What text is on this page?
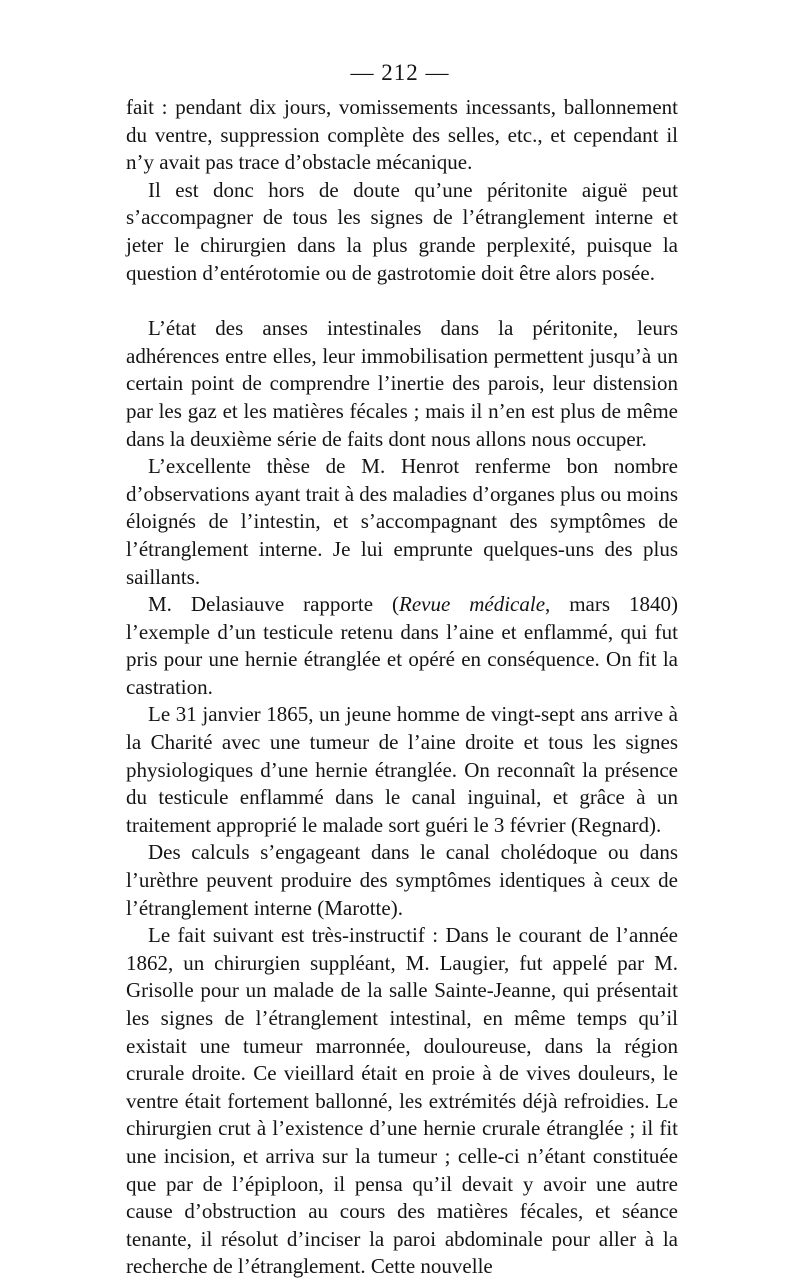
— 212 —

fait : pendant dix jours, vomissements incessants, ballonnement du ventre, suppression complète des selles, etc., et cependant il n’y avait pas trace d’obstacle mécanique.

Il est donc hors de doute qu’une péritonite aiguë peut s’accompagner de tous les signes de l’étranglement interne et jeter le chirurgien dans la plus grande perplexité, puisque la question d’entérotomie ou de gastrotomie doit être alors posée.

L’état des anses intestinales dans la péritonite, leurs adhérences entre elles, leur immobilisation permettent jusqu’à un certain point de comprendre l’inertie des parois, leur distension par les gaz et les matières fécales ; mais il n’en est plus de même dans la deuxième série de faits dont nous allons nous occuper.

L’excellente thèse de M. Henrot renferme bon nombre d’observations ayant trait à des maladies d’organes plus ou moins éloignés de l’intestin, et s’accompagnant des symptômes de l’étranglement interne. Je lui emprunte quelques-uns des plus saillants.

M. Delasiauve rapporte (Revue médicale, mars 1840) l’exemple d’un testicule retenu dans l’aine et enflammé, qui fut pris pour une hernie étranglée et opéré en conséquence. On fit la castration.

Le 31 janvier 1865, un jeune homme de vingt-sept ans arrive à la Charité avec une tumeur de l’aine droite et tous les signes physiologiques d’une hernie étranglée. On reconnaît la présence du testicule enflammé dans le canal inguinal, et grâce à un traitement approprié le malade sort guéri le 3 février (Regnard).

Des calculs s’engageant dans le canal cholédoque ou dans l’urèthre peuvent produire des symptômes identiques à ceux de l’étranglement interne (Marotte).

Le fait suivant est très-instructif : Dans le courant de l’année 1862, un chirurgien suppléant, M. Laugier, fut appelé par M. Grisolle pour un malade de la salle Sainte-Jeanne, qui présentait les signes de l’étranglement intestinal, en même temps qu’il existait une tumeur marronnée, douloureuse, dans la région crurale droite. Ce vieillard était en proie à de vives douleurs, le ventre était fortement ballonné, les extrémités déjà refroidies. Le chirurgien crut à l’existence d’une hernie crurale étranglée ; il fit une incision, et arriva sur la tumeur ; celle-ci n’étant constituée que par de l’épiploon, il pensa qu’il devait y avoir une autre cause d’obstruction au cours des matières fécales, et séance tenante, il résolut d’inciser la paroi abdominale pour aller à la recherche de l’étranglement. Cette nouvelle
